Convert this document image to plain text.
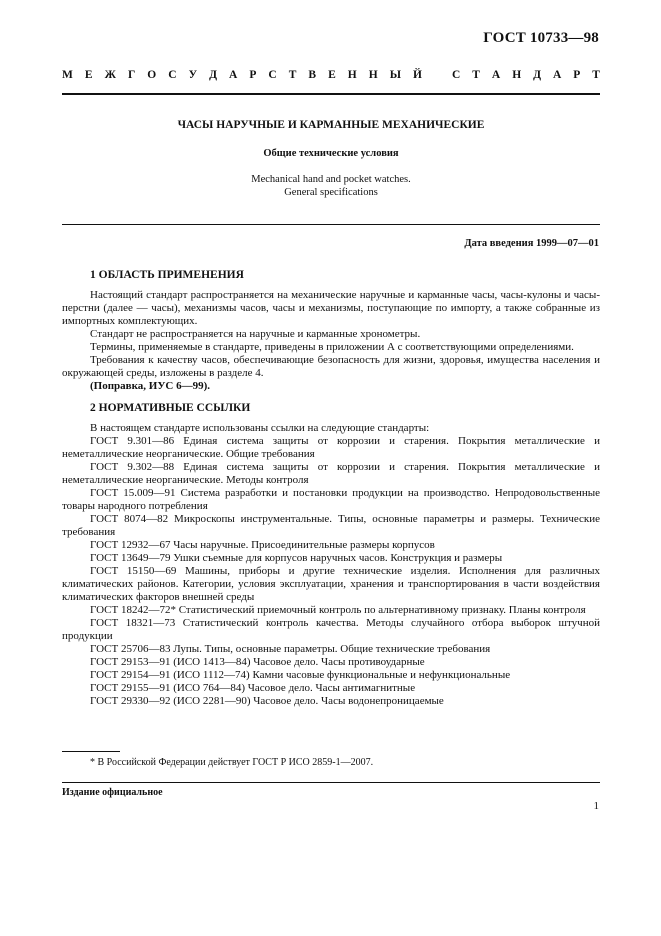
ГОСТ 10733—98
М Е Ж Г О С У Д А Р С Т В Е Н Н Ы Й	С Т А Н Д А Р Т
ЧАСЫ НАРУЧНЫЕ И КАРМАННЫЕ МЕХАНИЧЕСКИЕ
Общие технические условия
Mechanical hand and pocket watches.
General specifications
Дата введения 1999—07—01
1 ОБЛАСТЬ ПРИМЕНЕНИЯ

Настоящий стандарт распространяется на механические наручные и карманные часы, часы-кулоны и часы-перстни (далее — часы), механизмы часов, часы и механизмы, поступающие по импорту, а также собранные из импортных комплектующих.

Стандарт не распространяется на наручные и карманные хронометры.

Термины, применяемые в стандарте, приведены в приложении А с соответствующими определениями.

Требования к качеству часов, обеспечивающие безопасность для жизни, здоровья, имущества населения и окружающей среды, изложены в разделе 4.

(Поправка, ИУС 6—99).

2 НОРМАТИВНЫЕ ССЫЛКИ

В настоящем стандарте использованы ссылки на следующие стандарты:

ГОСТ 9.301—86 Единая система защиты от коррозии и старения. Покрытия металлические и неметаллические неорганические. Общие требования

ГОСТ 9.302—88 Единая система защиты от коррозии и старения. Покрытия металлические и неметаллические неорганические. Методы контроля

ГОСТ 15.009—91 Система разработки и постановки продукции на производство. Непродовольственные товары народного потребления

ГОСТ 8074—82 Микроскопы инструментальные. Типы, основные параметры и размеры. Технические требования

ГОСТ 12932—67 Часы наручные. Присоединительные размеры корпусов

ГОСТ 13649—79 Ушки съемные для корпусов наручных часов. Конструкция и размеры

ГОСТ 15150—69 Машины, приборы и другие технические изделия. Исполнения для различных климатических районов. Категории, условия эксплуатации, хранения и транспортирования в части воздействия климатических факторов внешней среды

ГОСТ 18242—72* Статистический приемочный контроль по альтернативному признаку. Планы контроля

ГОСТ 18321—73 Статистический контроль качества. Методы случайного отбора выборок штучной продукции

ГОСТ 25706—83 Лупы. Типы, основные параметры. Общие технические требования

ГОСТ 29153—91 (ИСО 1413—84) Часовое дело. Часы противоударные

ГОСТ 29154—91 (ИСО 1112—74) Камни часовые функциональные и нефункциональные

ГОСТ 29155—91 (ИСО 764—84) Часовое дело. Часы антимагнитные

ГОСТ 29330—92 (ИСО 2281—90) Часовое дело. Часы водонепроницаемые

* В Российской Федерации действует ГОСТ Р ИСО 2859-1—2007.
Издание официальное
1
